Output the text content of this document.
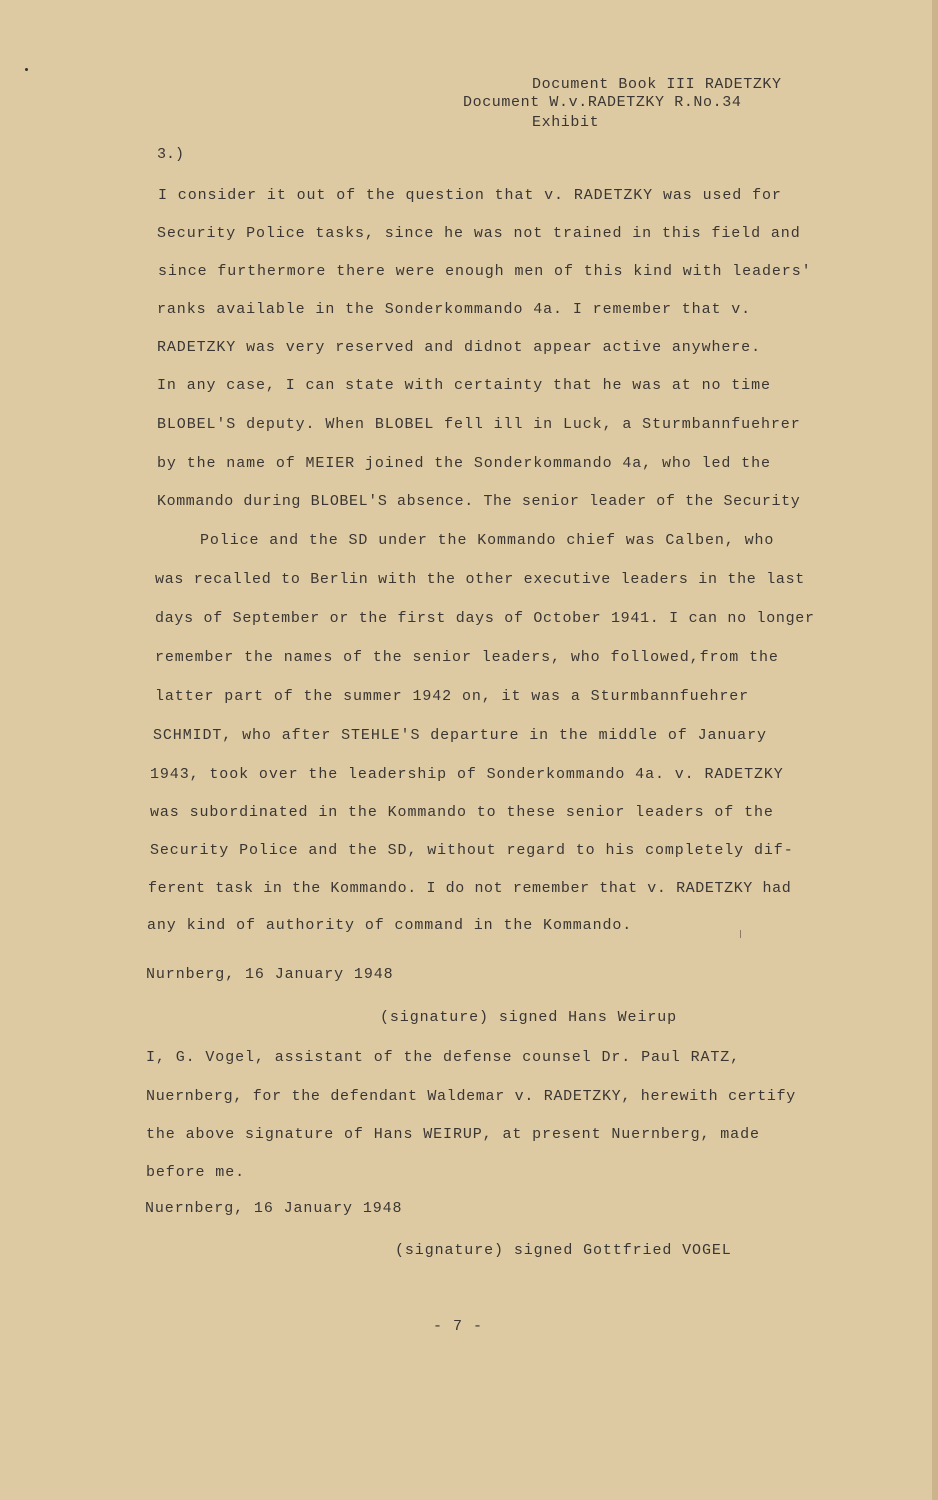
Document Book III RADETZKY
Document W.v.RADETZKY R.No.34
Exhibit
3.)
I consider it out of the question that v. RADETZKY was used for
Security Police tasks, since he was not trained in this field and
since furthermore there were enough men of this kind with leaders'
ranks available in the Sonderkommando 4a. I remember that v.
RADETZKY was very reserved and didnot appear active anywhere.
In any case, I can state with certainty that he was at no time
BLOBEL'S deputy. When BLOBEL fell ill in Luck, a Sturmbannfuehrer
by the name of MEIER joined the Sonderkommando 4a, who led the
Kommando during BLOBEL'S absence. The senior leader of the Security
Police and the SD under the Kommando chief was Calben, who
was recalled to Berlin with the other executive leaders in the last
days of September or the first days of October 1941. I can no longer
remember the names of the senior leaders, who followed,from the
latter part of the summer 1942 on, it was a Sturmbannfuehrer
SCHMIDT, who after STEHLE'S departure in the middle of January
1943, took over the leadership of Sonderkommando 4a. v. RADETZKY
was subordinated in the Kommando to these senior leaders of the
Security Police and the SD, without regard to his completely dif-
ferent task in the Kommando. I do not remember that v. RADETZKY had
any kind of authority of command in the Kommando.
Nurnberg, 16 January 1948
(signature) signed Hans Weirup
I, G. Vogel, assistant of the defense counsel Dr. Paul RATZ,
Nuernberg, for the defendant Waldemar v. RADETZKY, herewith certify
the above signature of Hans WEIRUP, at present Nuernberg, made
before me.
Nuernberg, 16 January 1948
(signature) signed Gottfried VOGEL
- 7 -
